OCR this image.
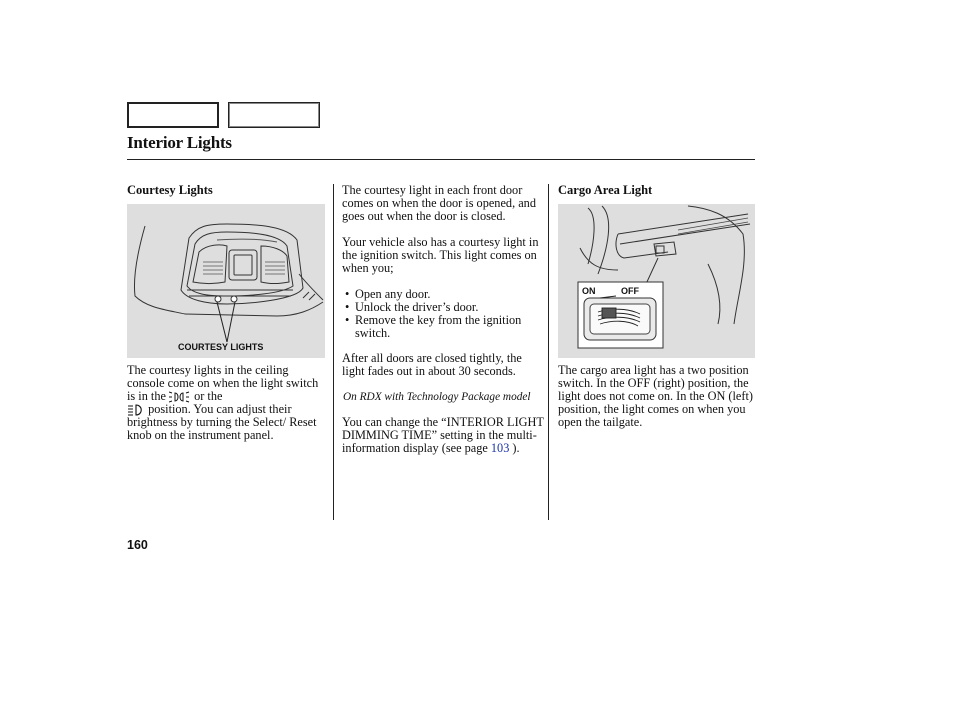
Interior Lights
Courtesy Lights
COURTESY LIGHTS
The courtesy lights in the ceiling console come on when the light switch is in the or the
position. You can adjust their brightness by turning the Select/ Reset knob on the instrument panel.
The courtesy light in each front door comes on when the door is opened, and goes out when the door is closed.
Your vehicle also has a courtesy light in the ignition switch. This light comes on when you;
• Open any door.
• Unlock the driver’s door.
• Remove the key from the ignition switch.
After all doors are closed tightly, the light fades out in about 30 seconds.
On RDX with Technology Package model
You can change the “INTERIOR LIGHT DIMMING TIME” setting in the multi-information display (see page 103 ).
Cargo Area Light
ON	OFF
The cargo area light has a two position switch. In the OFF (right) position, the light does not come on. In the ON (left) position, the light comes on when you open the tailgate.
160
